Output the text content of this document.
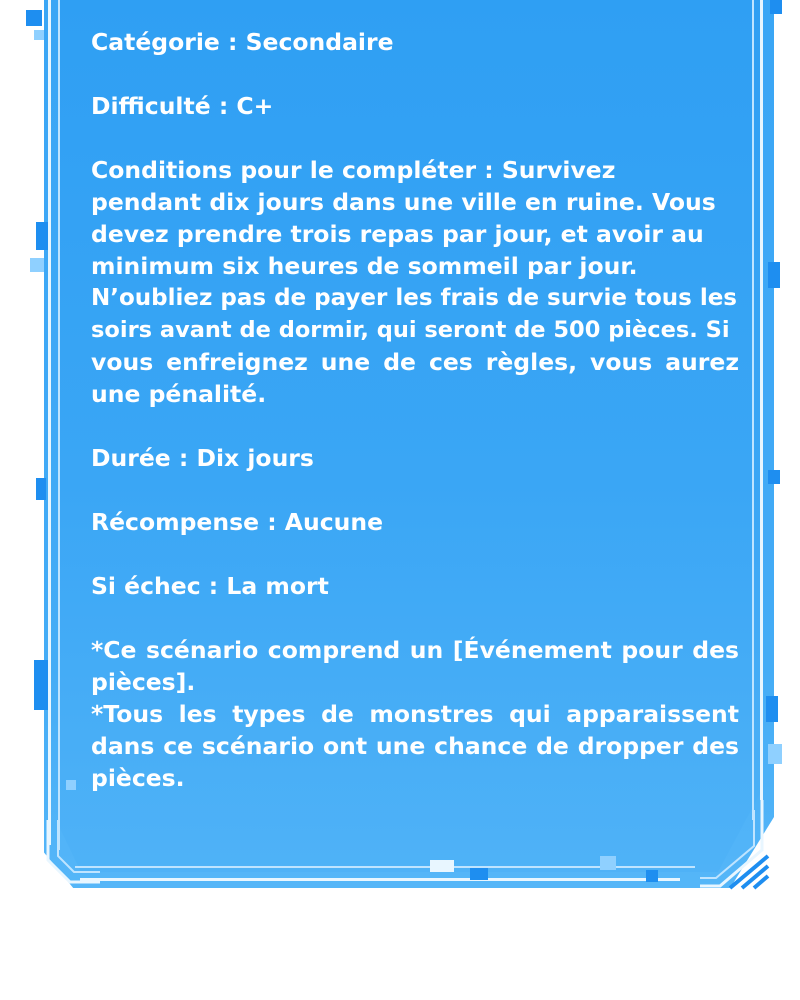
Catégorie : Secondaire
Difficulté : C+
Conditions pour le compléter : Survivez
pendant dix jours dans une ville en ruine. Vous
devez prendre trois repas par jour, et avoir au
minimum six heures de sommeil par jour.
N’oubliez pas de payer les frais de survie tous les
soirs avant de dormir, qui seront de 500 pièces. Si
vous enfreignez une de ces règles, vous aurez
une pénalité.
Durée : Dix jours
Récompense : Aucune
Si échec : La mort
*Ce scénario comprend un [Événement pour des
pièces].
*Tous les types de monstres qui apparaissent
dans ce scénario ont une chance de dropper des
pièces.
